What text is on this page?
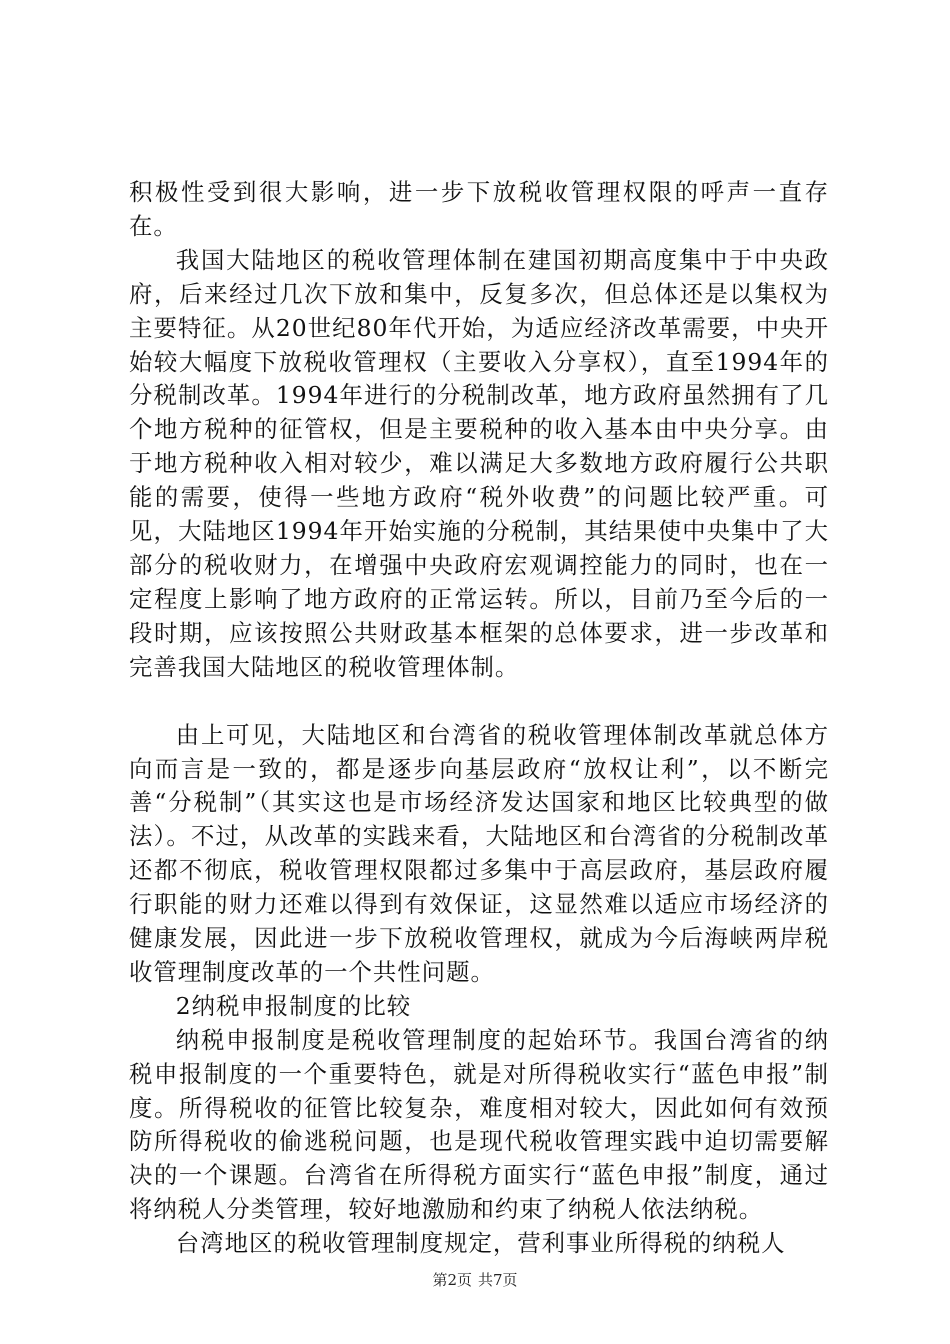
积极性受到很大影响，进一步下放税收管理权限的呼声一直存在。

我国大陆地区的税收管理体制在建国初期高度集中于中央政府，后来经过几次下放和集中，反复多次，但总体还是以集权为主要特征。从20世纪80年代开始，为适应经济改革需要，中央开始较大幅度下放税收管理权（主要收入分享权），直至1994年的分税制改革。1994年进行的分税制改革，地方政府虽然拥有了几个地方税种的征管权，但是主要税种的收入基本由中央分享。由于地方税种收入相对较少，难以满足大多数地方政府履行公共职能的需要，使得一些地方政府“税外收费”的问题比较严重。可见，大陆地区1994年开始实施的分税制，其结果使中央集中了大部分的税收财力，在增强中央政府宏观调控能力的同时，也在一定程度上影响了地方政府的正常运转。所以，目前乃至今后的一段时期，应该按照公共财政基本框架的总体要求，进一步改革和完善我国大陆地区的税收管理体制。

由上可见，大陆地区和台湾省的税收管理体制改革就总体方向而言是一致的，都是逐步向基层政府“放权让利”，以不断完善“分税制”（其实这也是市场经济发达国家和地区比较典型的做法）。不过，从改革的实践来看，大陆地区和台湾省的分税制改革还都不彻底，税收管理权限都过多集中于高层政府，基层政府履行职能的财力还难以得到有效保证，这显然难以适应市场经济的健康发展，因此进一步下放税收管理权，就成为今后海峡两岸税收管理制度改革的一个共性问题。

2纳税申报制度的比较

纳税申报制度是税收管理制度的起始环节。我国台湾省的纳税申报制度的一个重要特色，就是对所得税收实行“蓝色申报”制度。所得税收的征管比较复杂，难度相对较大，因此如何有效预防所得税收的偷逃税问题，也是现代税收管理实践中迫切需要解决的一个课题。台湾省在所得税方面实行“蓝色申报”制度，通过将纳税人分类管理，较好地激励和约束了纳税人依法纳税。

台湾地区的税收管理制度规定，营利事业所得税的纳税人

第2页 共7页
